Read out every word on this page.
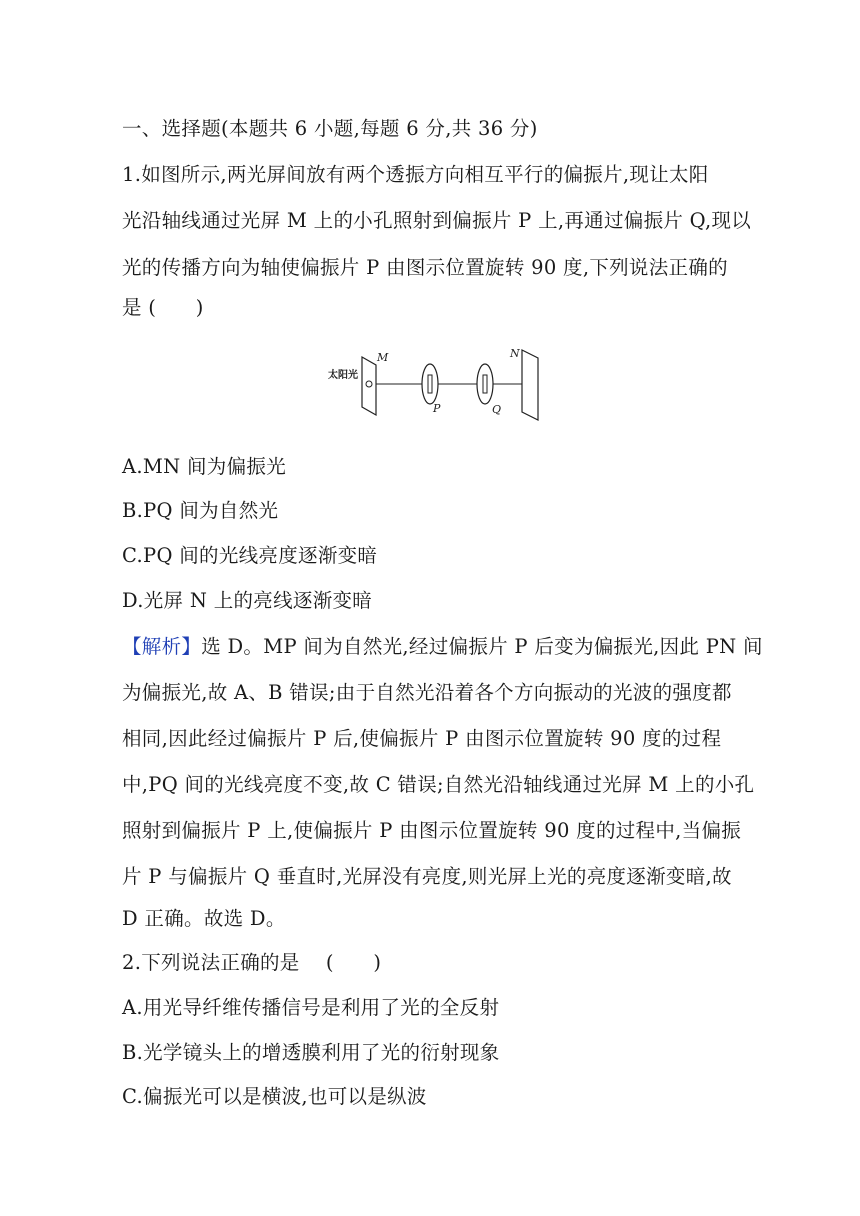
一、选择题(本题共 6 小题,每题 6 分,共 36 分)
1.如图所示,两光屏间放有两个透振方向相互平行的偏振片,现让太阳
光沿轴线通过光屏 M 上的小孔照射到偏振片 P 上,再通过偏振片 Q,现以
光的传播方向为轴使偏振片 P 由图示位置旋转 90 度,下列说法正确的
是 (　　)
太阳光
M
P	Q
N
A.MN 间为偏振光
B.PQ 间为自然光
C.PQ 间的光线亮度逐渐变暗
D.光屏 N 上的亮线逐渐变暗
【解析】选 D。MP 间为自然光,经过偏振片 P 后变为偏振光,因此 PN 间
为偏振光,故 A、B 错误;由于自然光沿着各个方向振动的光波的强度都
相同,因此经过偏振片 P 后,使偏振片 P 由图示位置旋转 90 度的过程
中,PQ 间的光线亮度不变,故 C 错误;自然光沿轴线通过光屏 M 上的小孔
照射到偏振片 P 上,使偏振片 P 由图示位置旋转 90 度的过程中,当偏振
片 P 与偏振片 Q 垂直时,光屏没有亮度,则光屏上光的亮度逐渐变暗,故
D 正确。故选 D。
2.下列说法正确的是　 (　　)
A.用光导纤维传播信号是利用了光的全反射
B.光学镜头上的增透膜利用了光的衍射现象
C.偏振光可以是横波,也可以是纵波
